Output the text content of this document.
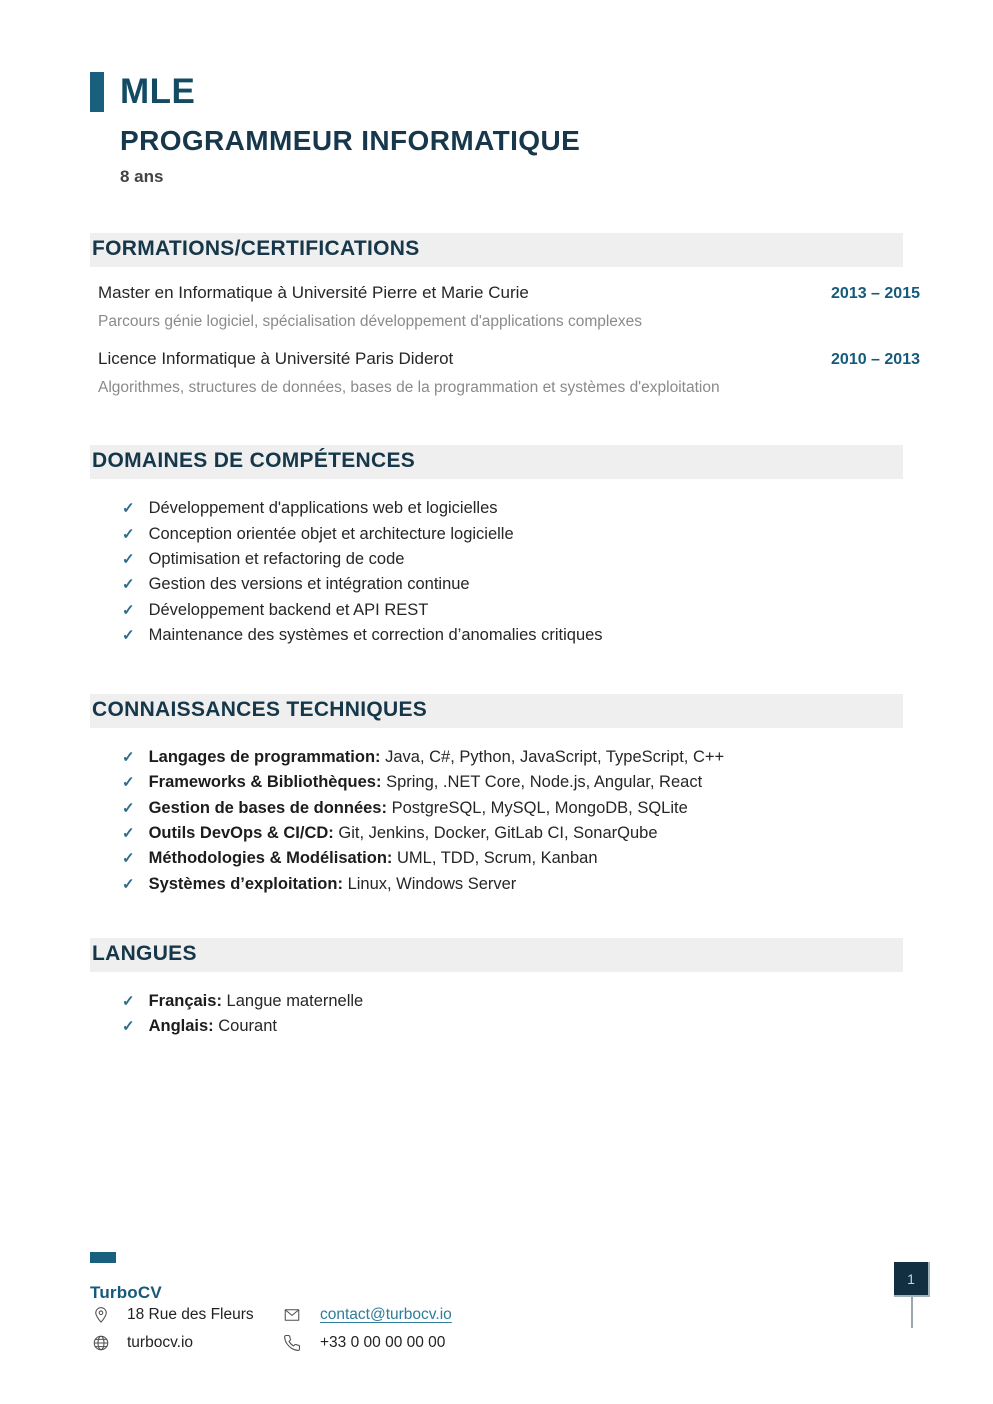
MLE
PROGRAMMEUR INFORMATIQUE
8 ans
FORMATIONS/CERTIFICATIONS
Master en Informatique à Université Pierre et Marie Curie	2013 – 2015
Parcours génie logiciel, spécialisation développement d'applications complexes
Licence Informatique à Université Paris Diderot	2010 – 2013
Algorithmes, structures de données, bases de la programmation et systèmes d'exploitation
DOMAINES DE COMPÉTENCES
✓ Développement d'applications web et logicielles
✓ Conception orientée objet et architecture logicielle
✓ Optimisation et refactoring de code
✓ Gestion des versions et intégration continue
✓ Développement backend et API REST
✓ Maintenance des systèmes et correction d’anomalies critiques
CONNAISSANCES TECHNIQUES
✓ Langages de programmation: Java, C#, Python, JavaScript, TypeScript, C++
✓ Frameworks & Bibliothèques: Spring, .NET Core, Node.js, Angular, React
✓ Gestion de bases de données: PostgreSQL, MySQL, MongoDB, SQLite
✓ Outils DevOps & CI/CD: Git, Jenkins, Docker, GitLab CI, SonarQube
✓ Méthodologies & Modélisation: UML, TDD, Scrum, Kanban
✓ Systèmes d’exploitation: Linux, Windows Server
LANGUES
✓ Français: Langue maternelle
✓ Anglais: Courant
TurboCV
18 Rue des Fleurs	contact@turbocv.io
turbocv.io	+33 0 00 00 00 00
1
